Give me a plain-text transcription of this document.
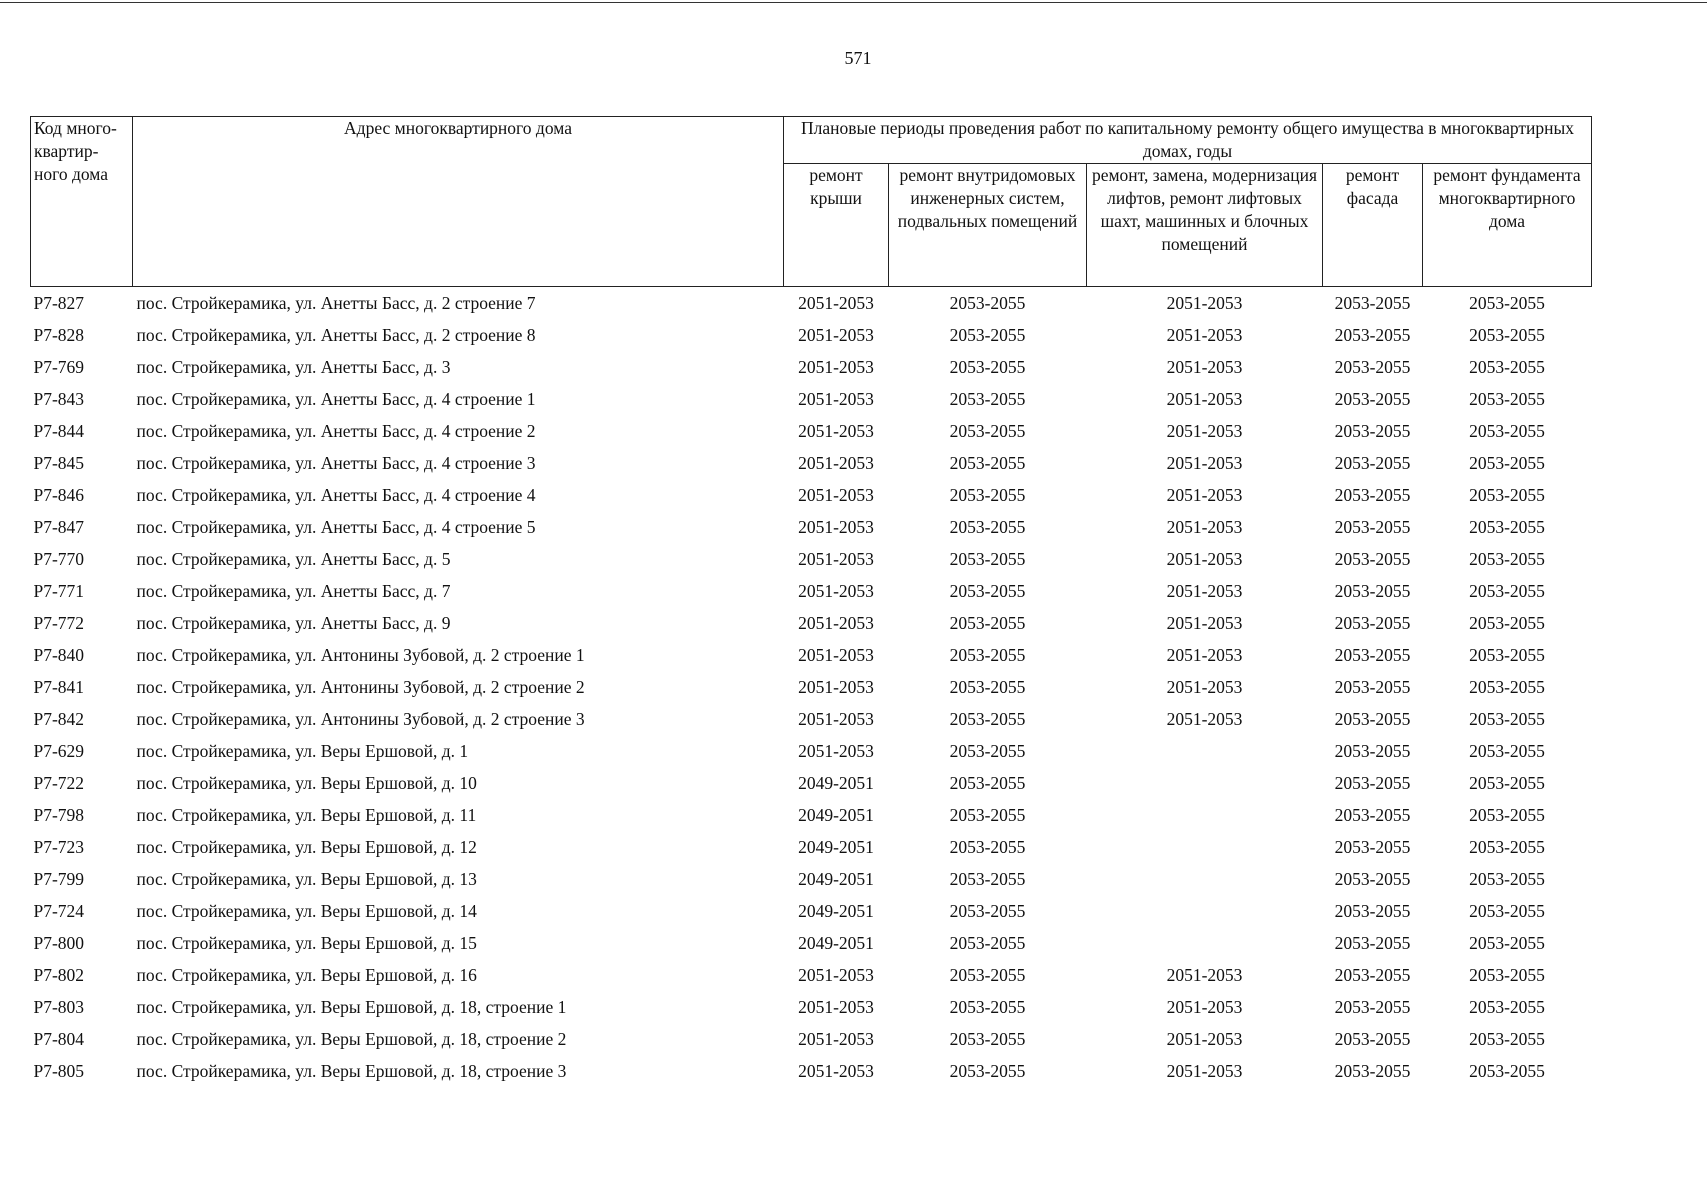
571
Код много-квартир-ного дома	Адрес многоквартирного дома	Плановые периоды проведения работ по капитальному ремонту общего имущества в многоквартирных домах, годы				
		ремонт крыши	ремонт внутридомовых инженерных систем, подвальных помещений	ремонт, замена, модернизация лифтов, ремонт лифтовых шахт, машинных и блочных помещений	ремонт фасада	ремонт фундамента многоквартирного дома
Р7-827	пос. Стройкерамика, ул. Анетты Басс, д. 2 строение 7	2051-2053	2053-2055	2051-2053	2053-2055	2053-2055
Р7-828	пос. Стройкерамика, ул. Анетты Басс, д. 2 строение 8	2051-2053	2053-2055	2051-2053	2053-2055	2053-2055
Р7-769	пос. Стройкерамика, ул. Анетты Басс, д. 3	2051-2053	2053-2055	2051-2053	2053-2055	2053-2055
Р7-843	пос. Стройкерамика, ул. Анетты Басс, д. 4 строение 1	2051-2053	2053-2055	2051-2053	2053-2055	2053-2055
Р7-844	пос. Стройкерамика, ул. Анетты Басс, д. 4 строение 2	2051-2053	2053-2055	2051-2053	2053-2055	2053-2055
Р7-845	пос. Стройкерамика, ул. Анетты Басс, д. 4 строение 3	2051-2053	2053-2055	2051-2053	2053-2055	2053-2055
Р7-846	пос. Стройкерамика, ул. Анетты Басс, д. 4 строение 4	2051-2053	2053-2055	2051-2053	2053-2055	2053-2055
Р7-847	пос. Стройкерамика, ул. Анетты Басс, д. 4 строение 5	2051-2053	2053-2055	2051-2053	2053-2055	2053-2055
Р7-770	пос. Стройкерамика, ул. Анетты Басс, д. 5	2051-2053	2053-2055	2051-2053	2053-2055	2053-2055
Р7-771	пос. Стройкерамика, ул. Анетты Басс, д. 7	2051-2053	2053-2055	2051-2053	2053-2055	2053-2055
Р7-772	пос. Стройкерамика, ул. Анетты Басс, д. 9	2051-2053	2053-2055	2051-2053	2053-2055	2053-2055
Р7-840	пос. Стройкерамика, ул. Антонины Зубовой, д. 2 строение 1	2051-2053	2053-2055	2051-2053	2053-2055	2053-2055
Р7-841	пос. Стройкерамика, ул. Антонины Зубовой, д. 2 строение 2	2051-2053	2053-2055	2051-2053	2053-2055	2053-2055
Р7-842	пос. Стройкерамика, ул. Антонины Зубовой, д. 2 строение 3	2051-2053	2053-2055	2051-2053	2053-2055	2053-2055
Р7-629	пос. Стройкерамика, ул. Веры Ершовой, д. 1	2051-2053	2053-2055		2053-2055	2053-2055
Р7-722	пос. Стройкерамика, ул. Веры Ершовой, д. 10	2049-2051	2053-2055		2053-2055	2053-2055
Р7-798	пос. Стройкерамика, ул. Веры Ершовой, д. 11	2049-2051	2053-2055		2053-2055	2053-2055
Р7-723	пос. Стройкерамика, ул. Веры Ершовой, д. 12	2049-2051	2053-2055		2053-2055	2053-2055
Р7-799	пос. Стройкерамика, ул. Веры Ершовой, д. 13	2049-2051	2053-2055		2053-2055	2053-2055
Р7-724	пос. Стройкерамика, ул. Веры Ершовой, д. 14	2049-2051	2053-2055		2053-2055	2053-2055
Р7-800	пос. Стройкерамика, ул. Веры Ершовой, д. 15	2049-2051	2053-2055		2053-2055	2053-2055
Р7-802	пос. Стройкерамика, ул. Веры Ершовой, д. 16	2051-2053	2053-2055	2051-2053	2053-2055	2053-2055
Р7-803	пос. Стройкерамика, ул. Веры Ершовой, д. 18, строение 1	2051-2053	2053-2055	2051-2053	2053-2055	2053-2055
Р7-804	пос. Стройкерамика, ул. Веры Ершовой, д. 18, строение 2	2051-2053	2053-2055	2051-2053	2053-2055	2053-2055
Р7-805	пос. Стройкерамика, ул. Веры Ершовой, д. 18, строение 3	2051-2053	2053-2055	2051-2053	2053-2055	2053-2055
